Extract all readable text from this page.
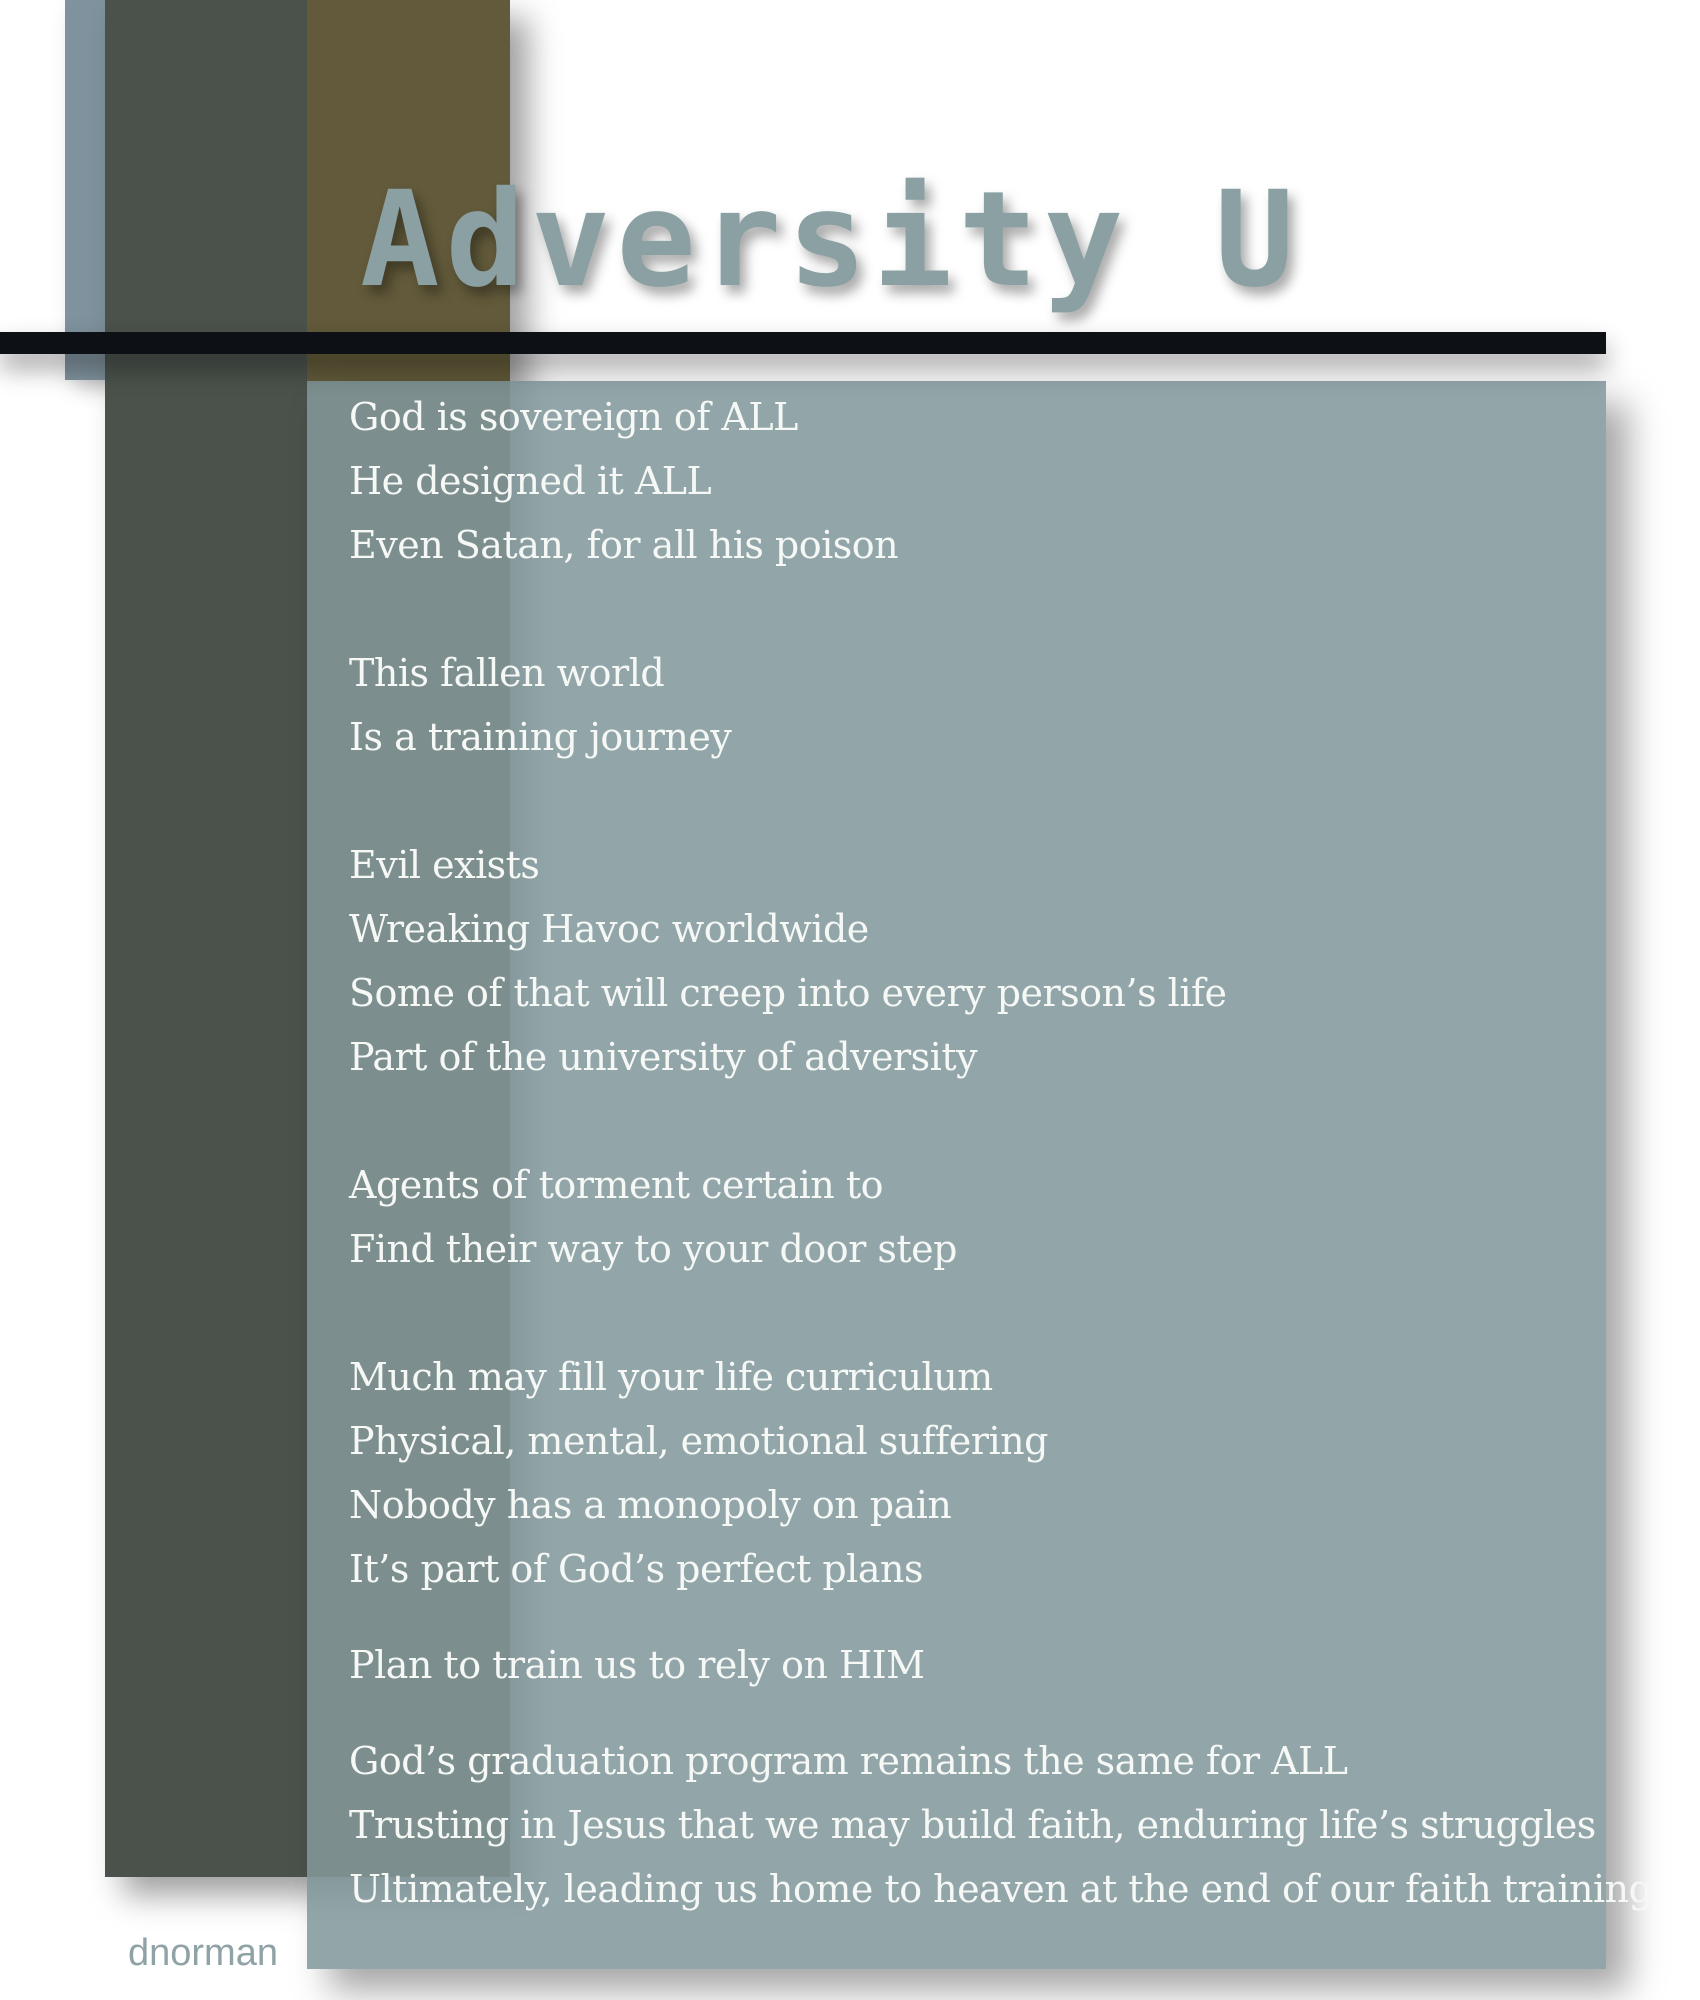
Adversity U
God is sovereign of ALL
He designed it ALL
Even Satan, for all his poison
This fallen world
Is a training journey
Evil exists
Wreaking Havoc worldwide
Some of that will creep into every person’s life
Part of the university of adversity
Agents of torment certain to
Find their way to your door step
Much may fill your life curriculum
Physical, mental, emotional suffering
Nobody has a monopoly on pain
It’s part of God’s perfect plans
Plan to train us to rely on HIM
God’s graduation program remains the same for ALL
Trusting in Jesus that we may build faith, enduring life’s struggles
Ultimately, leading us home to heaven at the end of our faith training

dnorman
